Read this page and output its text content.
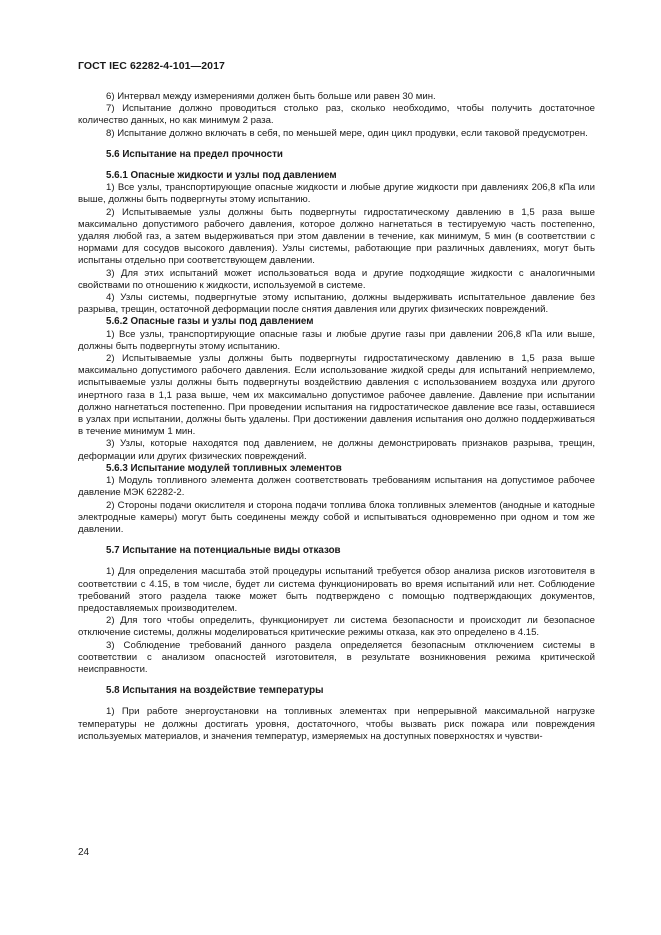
ГОСТ IEC 62282-4-101—2017

6) Интервал между измерениями должен быть больше или равен 30 мин.

7) Испытание должно проводиться столько раз, сколько необходимо, чтобы получить достаточное количество данных, но как минимум 2 раза.

8) Испытание должно включать в себя, по меньшей мере, один цикл продувки, если таковой предусмотрен.

5.6 Испытание на предел прочности
5.6.1 Опасные жидкости и узлы под давлением

1) Все узлы, транспортирующие опасные жидкости и любые другие жидкости при давлениях 206,8 кПа или выше, должны быть подвергнуты этому испытанию.

2) Испытываемые узлы должны быть подвергнуты гидростатическому давлению в 1,5 раза выше максимально допустимого рабочего давления, которое должно нагнетаться в тестируемую часть постепенно, удаляя любой газ, а затем выдерживаться при этом давлении в течение, как минимум, 5 мин (в соответствии с нормами для сосудов высокого давления). Узлы системы, работающие при различных давлениях, могут быть испытаны отдельно при соответствующем давлении.

3) Для этих испытаний может использоваться вода и другие подходящие жидкости с аналогичными свойствами по отношению к жидкости, используемой в системе.

4) Узлы системы, подвергнутые этому испытанию, должны выдерживать испытательное давление без разрыва, трещин, остаточной деформации после снятия давления или других физических повреждений.

5.6.2 Опасные газы и узлы под давлением

1) Все узлы, транспортирующие опасные газы и любые другие газы при давлении 206,8 кПа или выше, должны быть подвергнуты этому испытанию.

2) Испытываемые узлы должны быть подвергнуты гидростатическому давлению в 1,5 раза выше максимально допустимого рабочего давления. Если использование жидкой среды для испытаний неприемлемо, испытываемые узлы должны быть подвергнуты воздействию давления с использованием воздуха или другого инертного газа в 1,1 раза выше, чем их максимально допустимое рабочее давление. Давление при испытании должно нагнетаться постепенно. При проведении испытания на гидростатическое давление все газы, оставшиеся в узлах при испытании, должны быть удалены. При достижении давления испытания оно должно поддерживаться в течение минимум 1 мин.

3) Узлы, которые находятся под давлением, не должны демонстрировать признаков разрыва, трещин, деформации или других физических повреждений.

5.6.3 Испытание модулей топливных элементов

1) Модуль топливного элемента должен соответствовать требованиям испытания на допустимое рабочее давление МЭК 62282-2.

2) Стороны подачи окислителя и сторона подачи топлива блока топливных элементов (анодные и катодные электродные камеры) могут быть соединены между собой и испытываться одновременно при одном и том же давлении.

5.7 Испытание на потенциальные виды отказов

1) Для определения масштаба этой процедуры испытаний требуется обзор анализа рисков изготовителя в соответствии с 4.15, в том числе, будет ли система функционировать во время испытаний или нет. Соблюдение требований этого раздела также может быть подтверждено с помощью подтверждающих документов, предоставляемых производителем.

2) Для того чтобы определить, функционирует ли система безопасности и происходит ли безопасное отключение системы, должны моделироваться критические режимы отказа, как это определено в 4.15.

3) Соблюдение требований данного раздела определяется безопасным отключением системы в соответствии с анализом опасностей изготовителя, в результате возникновения режима критической неисправности.

5.8 Испытания на воздействие температуры

1) При работе энергоустановки на топливных элементах при непрерывной максимальной нагрузке температуры не должны достигать уровня, достаточного, чтобы вызвать риск пожара или повреждения используемых материалов, и значения температур, измеряемых на доступных поверхностях и чувстви-

24
